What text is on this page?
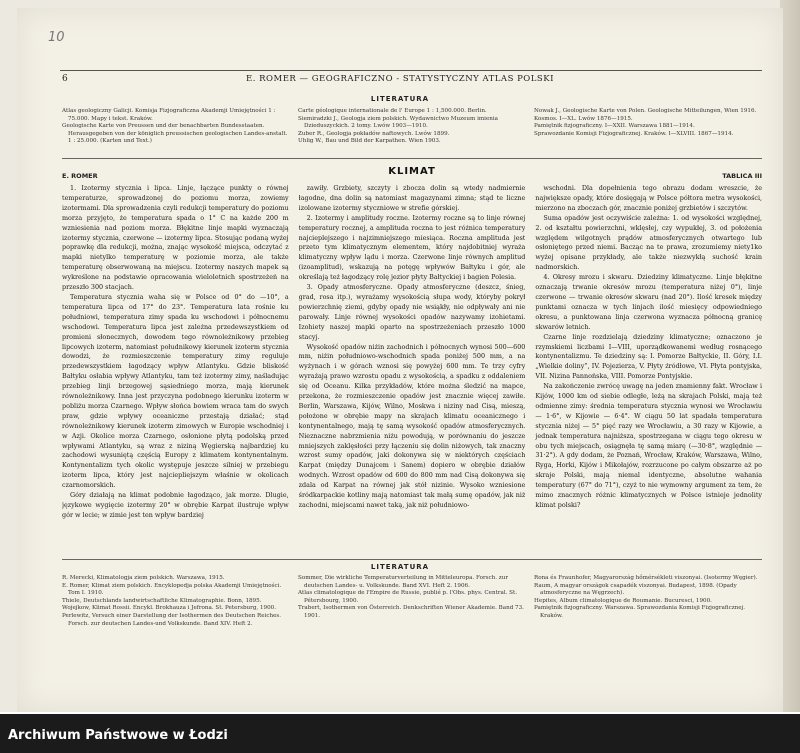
10
6	E. ROMER — GEOGRAFICZNO - STATYSTYCZNY ATLAS POLSKI
LITERATURA

Atlas geologiczny Galicji. Komisja Fizjograficzna Akademji Umiejętności 1 : 75.000. Mapy i tekst. Kraków.

Geologische Karte von Preussen und der benachbarten Bundesstaaten. Herausgegeben von der königlich preussischen geologischen Landes-anstalt. 1 : 25.000. (Karten und Text.)

Carte géologique internationale de l' Europe 1 : 1,500.000. Berlin.

Siemiradzki J., Geologja ziem polskich. Wydawnictwo Muzeum imienia Dzieduszyckich. 2 tomy. Lwów 1903—1910.

Zuber R., Geologja pokładów naftowych. Lwów 1899.

Uhlig W., Bau und Bild der Karpathen. Wien 1903.

Nowak J., Geologische Karte von Polen. Geologische Mitteilungen, Wien 1916.

Kosmos. I—XL. Lwów 1876—1915.

Pamiętnik fizjograficzny. I—XXII. Warszawa 1881—1914.

Sprawozdanie Komisji Fizjograficznej. Kraków. I—XLVIII. 1867—1914.

E. ROMER	KLIMAT	TABLICA III

1. Izotermy stycznia i lipca. Linje, łączące punkty o równej temperaturze, sprowadzonej do poziomu morza, zowiemy izotermami. Dla sprowadzenia czyli redukcji temperatury do poziomu morza przyjęto, że temperatura spada o 1° C na każde 200 m wzniesienia nad poziom morza. Błękitne linje mapki wyznaczają izotermy stycznia, czerwone — izotermy lipca. Stosując podaną wyżej poprawkę dla redukcji, można, znając wysokość miejsca, odczytać z mapki nietylko temperaturę w poziomie morza, ale także temperaturę obserwowaną na miejscu. Izotermy naszych mapek są wykreślone na podstawie opracowania wieloletnich spostrzeżeń na przeszło 300 stacjach.

Temperatura stycznia waha się w Polsce od 0° do —10°, a temperatura lipca od 17° do 23°. Temperatura lata rośnie ku południowi, temperatura zimy spada ku wschodowi i północnemu wschodowi. Temperatura lipca jest zależna przedewszystkiem od promieni słonecznych, dowodem tego równoleżnikowy przebieg lipcowych izoterm, natomiast południkowy kierunek izoterm stycznia dowodzi, że rozmieszczenie temperatury zimy reguluje przedewszystkiem łagodzący wpływ Atlantyku. Gdzie bliskość Bałtyku osłabia wpływy Atlantyku, tam też izotermy zimy, naśladując przebieg linji brzegowej sąsiedniego morza, mają kierunek równoleżnikowy. Inna jest przyczyna podobnego kierunku izoterm w pobliżu morza Czarnego. Wpływ słońca bowiem wraca tam do swych praw, gdzie wpływy oceaniczne przestają działać; stąd równoleżnikowy kierunek izoterm zimowych w Europie wschodniej i w Azji. Okolice morza Czarnego, osłonione płytą podolską przed wpływami Atlantyku, są wraz z niziną Węgierską najbardziej ku zachodowi wysuniętą częścią Europy z klimatem kontynentalnym. Kontynentalizm tych okolic występuje jeszcze silniej w przebiegu izoterm lipca, który jest najciepliejszym właśnie w okolicach czarnomorskich.

Góry działają na klimat podobnie łagodząco, jak morze. Dlugie, językowe wygięcie izotermy 20° w obrębie Karpat ilustruje wpływ gór w lecie; w zimie jest ten wpływ bardziej

zawiły. Grzbiety, szczyty i zbocza dolin są wtedy nadmiernie łagodne, dna dolin są natomiast magazynami zimna; stąd te liczne izolowane izotermy styczniowe w strefie górskiej.

2. Izotermy i amplitudy roczne. Izotermy roczne są to linje równej temperatury rocznej, a amplituda roczna to jest różnica temperatury najcieplejszego i najzimniejszego miesiąca. Roczna amplituda jest przeto tym klimatycznym elementem, który najdobitniej wyraża klimatyczny wpływ lądu i morza. Czerwone linje równych amplitud (izoamplitud), wskazują na potęgę wpływów Bałtyku i gór, ale określają też łagodzący rolę jezior płyty Bałtyckiej i bagien Polesia.

3. Opady atmosferyczne. Opady atmosferyczne (deszcz, śnieg, grad, rosa itp.), wyrażamy wysokością słupa wody, któryby pokrył powierzchnię ziemi, gdyby opady nie wsiąkły, nie odpływały ani nie parowały. Linje równej wysokości opadów nazywamy izohietami. Izohiety naszej mapki oparto na spostrzeżeniach przeszło 1000 stacyj.

Wysokość opadów niżin zachodnich i północnych wynosi 500—600 mm, niżin południowo-wschodnich spada poniżej 500 mm, a na wyżynach i w górach wznosi się powyżej 600 mm. Te trzy cyfry wyrażają prawo wzrostu opadu z wysokością, a spadku z oddaleniem się od Oceanu. Kilka przykładów, które można śledzić na mapce, przekona, że rozmieszczenie opadów jest znacznie więcej zawiłe. Berlin, Warszawa, Kijów, Wilno, Moskwa i niziny nad Cisą, mieszą, położone w obrębie mapy na skrajach klimatu oceanicznego i kontynentalnego, mają tę samą wysokość opadów atmosferycznych. Nieznaczne nabrzmienia niżu powodują, w porównaniu do jeszcze mniejszych zaklęsłości przy łączeniu się dolin niżowych, tak znaczny wzrost sumy opadów, jaki dokonywa się w niektórych częściach Karpat (między Dunajcem i Sanem) dopiero w obrębie działów wodnych. Wzrost opadów od 600 do 800 mm nad Cisą dokonywa się zdala od Karpat na równej jak stół nizinie. Wysoko wzniesione śródkarpackie kotliny mają natomiast tak małą sumę opadów, jak niż zachodni, miejscami nawet taką, jak niż południowo-

wschodni. Dla dopełnienia tego obrazu dodam wreszcie, że największe opady, które dosięgają w Polsce półtora metra wysokości, mierzono na zboczach gór, znacznie poniżej grzbietów i szczytów.

Suma opadów jest oczywiście zależna: 1. od wysokości względnej, 2. od kształtu powierzchni, wklęsłej, czy wypukłej, 3. od położenia względem wilgotnych prądów atmosferycznych otwartego lub osłoniętego przed niemi. Bacząc na te prawa, zrozumiemy niety1ko wyżej opisane przykłady, ale także niezwykłą suchość krain nadmorskich.

4. Okresy mrozu i skwaru. Dziedziny klimatyczne. Linje błękitne oznaczają trwanie okresów mrozu (temperatura niżej 0°), linje czerwone — trwanie okresów skwaru (nad 20°). Ilość kresek między punktami oznacza w tych linjach ilość miesięcy odpowiedniego okresu, a punktowana linja czerwona wyznacza północną granicę skwarów letnich.

Czarne linje rozdzielają dziedziny klimatyczne; oznaczono je rzymskiemi liczbami I—VIII, uporządkowanemi według rosnącego kontynentalizmu. Te dziedziny są: I. Pomorze Bałtyckie, II. Góry, I.I. „Wielkie doliny”, IV. Pojezierza, V. Płyty źródłowe, VI. Płyta pontyjska, VII. Nizina Pannońska, VIII. Pomorze Pontyjskie.

Na zakończenie zwrócę uwagę na jeden znamienny fakt. Wrocław i Kijów, 1000 km od siebie odległe, leżą na skrajach Polski, mają też odmienne zimy: średnia temperatura stycznia wynosi we Wrocławiu — 1·6°, w Kijowie — 6·4°. W ciągu 50 lat spadała temperatura stycznia niżej — 5° pięć razy we Wrocławiu, a 30 razy w Kijowie, a jednak temperatura najniższa, spostrzegana w ciągu tego okresu w obu tych miejscach, osiągnęła tę samą miarę (—30·8°, względnie —31·2°). A gdy dodam, że Poznań, Wrocław, Kraków, Warszawa, Wilno, Ryga, Horki, Kijów i Mikołajów, rozrzucone po całym obszarze aż po skraje Polski, mają niemal identyczne, absolutne wahania temperatury (67° do 71°), czyż to nie wymowny argument za tem, że mimo znacznych różnic klimatycznych w Polsce istnieje jednolity klimat polski?

LITERATURA

R. Merecki, Klimatologja ziem polskich. Warszawa, 1915.

E. Romer, Klimat ziem polskich. Encyklopedja polska Akademji Umiejętności. Tom I. 1910.

Thiele, Deutschlands landwirtschaftliche Klimatographie. Bonn, 1895.

Wojejkow, Klimat Rossii. Encykl. Brokhauza i Jefrona. St. Petersburg, 1900.

Perlewitz, Versuch einer Darstellung der Isothermen des Deutschen Reiches. Forsch. zur deutschen Landes-und Volkskunde. Band XIV. Heft 2.

Sommer, Die wirkliche Temperaturverteilung in Mitteleuropa. Forsch. zur deutschen Landes- u. Volkskunde. Band XVI. Heft 2. 1906.

Atlas climatologique de l'Empire de Russie, publié p. l'Obs. phys. Central. St. Pétersbourg, 1900.

Trabert, Isothermen von Österreich. Denkschriften Wiener Akademie. Band 73. 1901.

Rona és Fraunhofer, Magyarország hőmérsékleti viszonyai. (Isotermy Węgier).

Raum, A magyar országok csapadék viszonyai. Budapest, 1898. (Opady atmosferyczne na Węgrzech).

Hepites, Album climatologique de Roumanie. Bucuresci, 1900.

Pamiętnik fizjograficzny. Warszawa. Sprawozdania Komisji Fizjograficznej. Kraków.

Archiwum Państwowe w Łodzi
